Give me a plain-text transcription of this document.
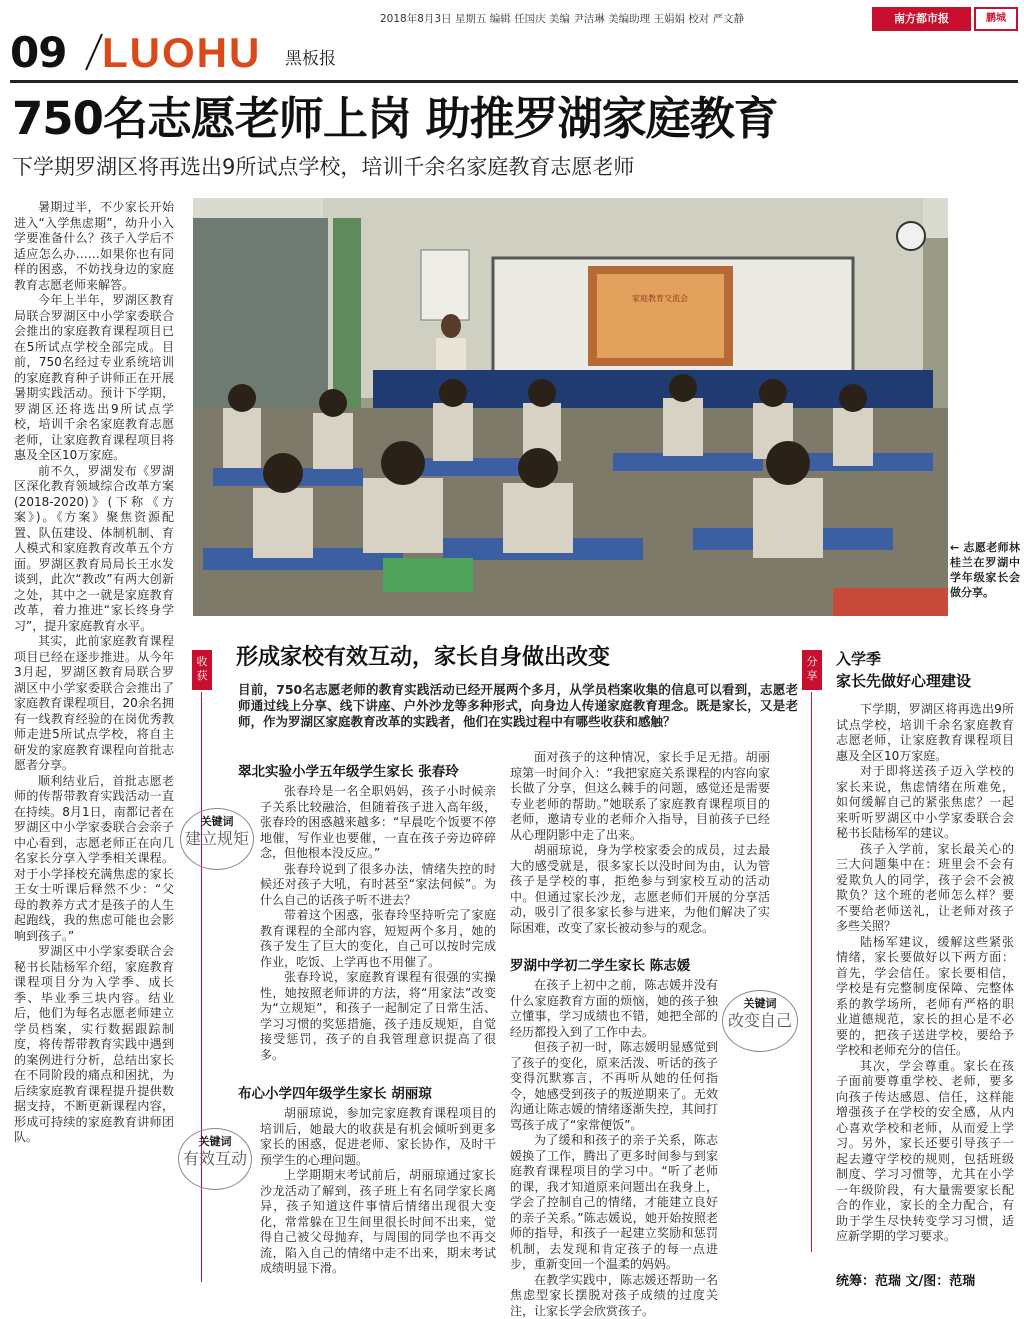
2018年8月3日 星期五 编辑 任国庆 美编 尹洁琳 美编助理 王娟娟 校对 严文静	南方都市报	鹏城
09 LUOHU 黑板报
750名志愿老师上岗 助推罗湖家庭教育
下学期罗湖区将再选出9所试点学校，培训千余名家庭教育志愿老师
家庭教育交流会
← 志愿老师林桂兰在罗湖中学年级家长会做分享。

暑期过半，不少家长开始进入“入学焦虑期”，幼升小入学要准备什么？孩子入学后不适应怎么办……如果你也有同样的困惑，不妨找身边的家庭教育志愿老师来解答。

今年上半年，罗湖区教育局联合罗湖区中小学家委联合会推出的家庭教育课程项目已在5所试点学校全部完成。目前，750名经过专业系统培训的家庭教育种子讲师正在开展暑期实践活动。预计下学期，罗湖区还将选出9所试点学校，培训千余名家庭教育志愿老师，让家庭教育课程项目将惠及全区10万家庭。

前不久，罗湖发布《罗湖区深化教育领域综合改革方案(2018-2020)》(下称《方案》)。《方案》聚焦资源配置、队伍建设、体制机制、育人模式和家庭教育改革五个方面。罗湖区教育局局长王水发谈到，此次“教改”有两大创新之处，其中之一就是家庭教育改革，着力推进“家长终身学习”，提升家庭教育水平。

其实，此前家庭教育课程项目已经在逐步推进。从今年3月起，罗湖区教育局联合罗湖区中小学家委联合会推出了家庭教育课程项目，20余名拥有一线教育经验的在岗优秀教师走进5所试点学校，将自主研发的家庭教育课程向首批志愿者分享。

顺利结业后，首批志愿老师的传帮带教育实践活动一直在持续。8月1日，南都记者在罗湖区中小学家委联合会亲子中心看到，志愿老师正在向几名家长分享入学季相关课程。对于小学择校充满焦虑的家长王女士听课后释然不少：“父母的教养方式才是孩子的人生起跑线，我的焦虑可能也会影响到孩子。”

罗湖区中小学家委联合会秘书长陆杨军介绍，家庭教育课程项目分为入学季、成长季、毕业季三块内容。结业后，他们为每名志愿老师建立学员档案，实行数据跟踪制度，将传帮带教育实践中遇到的案例进行分析，总结出家长在不同阶段的痛点和困扰，为后续家庭教育课程提升提供数据支持，不断更新课程内容，形成可持续的家庭教育讲师团队。

收获
形成家校有效互动，家长自身做出改变
目前，750名志愿老师的教育实践活动已经开展两个多月，从学员档案收集的信息可以看到，志愿老师通过线上分享、线下讲座、户外沙龙等多种形式，向身边人传递家庭教育理念。既是家长，又是老师，作为罗湖区家庭教育改革的实践者，他们在实践过程中有哪些收获和感触？
翠北实验小学五年级学生家长 张春玲
关键词
建立规矩

张春玲是一名全职妈妈，孩子小时候亲子关系比较融洽，但随着孩子进入高年级，张春玲的困惑越来越多：“早晨吃个饭要不停地催，写作业也要催，一直在孩子旁边碎碎念，但他根本没反应。”

张春玲说到了很多办法，情绪失控的时候还对孩子大吼，有时甚至“家法伺候”。为什么自己的话孩子听不进去？

带着这个困惑，张春玲坚持听完了家庭教育课程的全部内容，短短两个多月，她的孩子发生了巨大的变化，自己可以按时完成作业，吃饭、上学再也不用催了。

张春玲说，家庭教育课程有很强的实操性，她按照老师讲的方法，将“用家法”改变为“立规矩”，和孩子一起制定了日常生活、学习习惯的奖惩措施，孩子违反规矩，自觉接受惩罚，孩子的自我管理意识提高了很多。

布心小学四年级学生家长 胡丽琼
关键词
有效互动

胡丽琼说，参加完家庭教育课程项目的培训后，她最大的收获是有机会倾听到更多家长的困惑，促进老师、家长协作，及时干预学生的心理问题。

上学期期末考试前后，胡丽琼通过家长沙龙活动了解到，孩子班上有名同学家长离异，孩子知道这件事情后情绪出现很大变化，常常躲在卫生间里很长时间不出来，觉得自己被父母抛弃，与周围的同学也不再交流，陷入自己的情绪中走不出来，期末考试成绩明显下滑。

面对孩子的这种情况，家长手足无措。胡丽琼第一时间介入：“我把家庭关系课程的内容向家长做了分享，但这么棘手的问题，感觉还是需要专业老师的帮助。”她联系了家庭教育课程项目的老师，邀请专业的老师介入指导，目前孩子已经从心理阴影中走了出来。

胡丽琼说，身为学校家委会的成员，过去最大的感受就是，很多家长以没时间为由，认为管孩子是学校的事，拒绝参与到家校互动的活动中。但通过家长沙龙，志愿老师们开展的分享活动，吸引了很多家长参与进来，为他们解决了实际困难，改变了家长被动参与的观念。

罗湖中学初二学生家长 陈志媛
关键词
改变自己

在孩子上初中之前，陈志媛并没有什么家庭教育方面的烦恼，她的孩子独立懂事，学习成绩也不错，她把全部的经历都投入到了工作中去。

但孩子初一时，陈志媛明显感觉到了孩子的变化，原来活泼、听话的孩子变得沉默寡言，不再听从她的任何指令，她感受到孩子的叛逆期来了。无效沟通让陈志媛的情绪逐渐失控，其间打骂孩子成了“家常便饭”。

为了缓和和孩子的亲子关系，陈志媛换了工作，腾出了更多时间参与到家庭教育课程项目的学习中。“听了老师的课，我才知道原来问题出在我身上，学会了控制自己的情绪，才能建立良好的亲子关系。”陈志媛说，她开始按照老师的指导，和孩子一起建立奖励和惩罚机制，去发现和肯定孩子的每一点进步，重新变回一个温柔的妈妈。

在教学实践中，陈志媛还帮助一名焦虑型家长摆脱对孩子成绩的过度关注，让家长学会欣赏孩子。

分享
入学季
家长先做好心理建设

下学期，罗湖区将再选出9所试点学校，培训千余名家庭教育志愿老师，让家庭教育课程项目惠及全区10万家庭。

对于即将送孩子迈入学校的家长来说，焦虑情绪在所难免，如何缓解自己的紧张焦虑？一起来听听罗湖区中小学家委联合会秘书长陆杨军的建议。

孩子入学前，家长最关心的三大问题集中在：班里会不会有爱欺负人的同学，孩子会不会被欺负？这个班的老师怎么样？要不要给老师送礼，让老师对孩子多些关照？

陆杨军建议，缓解这些紧张情绪，家长要做好以下两方面：首先，学会信任。家长要相信，学校是有完整制度保障、完整体系的教学场所，老师有严格的职业道德规范，家长的担心是不必要的，把孩子送进学校，要给予学校和老师充分的信任。

其次，学会尊重。家长在孩子面前要尊重学校、老师，要多向孩子传达感恩、信任，这样能增强孩子在学校的安全感，从内心喜欢学校和老师，从而爱上学习。另外，家长还要引导孩子一起去遵守学校的规则，包括班级制度、学习习惯等，尤其在小学一年级阶段，有大量需要家长配合的作业，家长的全力配合，有助于学生尽快转变学习习惯，适应新学期的学习要求。

统筹：范瑞 文/图：范瑞
